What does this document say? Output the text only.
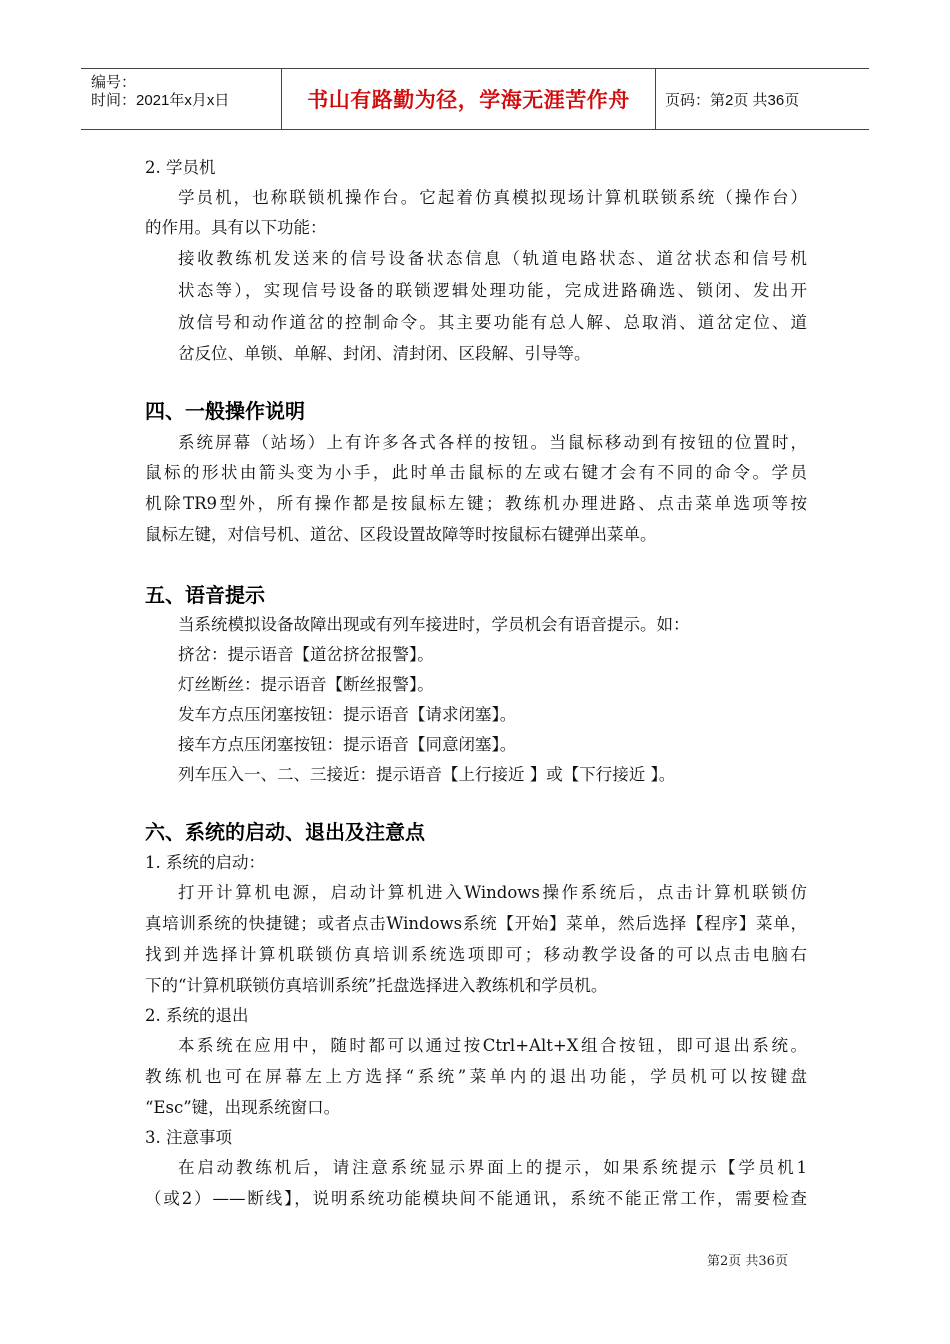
编号：
时间：2021年x月x日	书山有路勤为径，学海无涯苦作舟 页码：第2页 共36页
2. 学员机
学员机，也称联锁机操作台。它起着仿真模拟现场计算机联锁系统（操作台）
的作用。具有以下功能：
接收教练机发送来的信号设备状态信息（轨道电路状态、道岔状态和信号机
状态等），实现信号设备的联锁逻辑处理功能，完成进路确选、锁闭、发出开
放信号和动作道岔的控制命令。其主要功能有总人解、总取消、道岔定位、道
岔反位、单锁、单解、封闭、清封闭、区段解、引导等。
四、一般操作说明
系统屏幕（站场）上有许多各式各样的按钮。当鼠标移动到有按钮的位置时，
鼠标的形状由箭头变为小手，此时单击鼠标的左或右键才会有不同的命令。学员
机除TR9型外，所有操作都是按鼠标左键；教练机办理进路、点击菜单选项等按
鼠标左键，对信号机、道岔、区段设置故障等时按鼠标右键弹出菜单。
五、语音提示
当系统模拟设备故障出现或有列车接进时，学员机会有语音提示。如：
挤岔：提示语音【道岔挤岔报警】。
灯丝断丝：提示语音【断丝报警】。
发车方点压闭塞按钮：提示语音【请求闭塞】。
接车方点压闭塞按钮：提示语音【同意闭塞】。
列车压入一、二、三接近：提示语音【上行接近 】或【下行接近 】。
六、系统的启动、退出及注意点
1. 系统的启动：
打开计算机电源，启动计算机进入Windows操作系统后，点击计算机联锁仿
真培训系统的快捷键；或者点击Windows系统【开始】菜单，然后选择【程序】菜单，
找到并选择计算机联锁仿真培训系统选项即可；移动教学设备的可以点击电脑右
下的“计算机联锁仿真培训系统”托盘选择进入教练机和学员机。
2. 系统的退出
本系统在应用中，随时都可以通过按Ctrl+Alt+X组合按钮，即可退出系统。
教练机也可在屏幕左上方选择“系统”菜单内的退出功能，学员机可以按键盘
“Esc”键，出现系统窗口。
3. 注意事项
在启动教练机后，请注意系统显示界面上的提示，如果系统提示【学员机1
（或2）——断线】，说明系统功能模块间不能通讯，系统不能正常工作，需要检查
第2页 共36页
